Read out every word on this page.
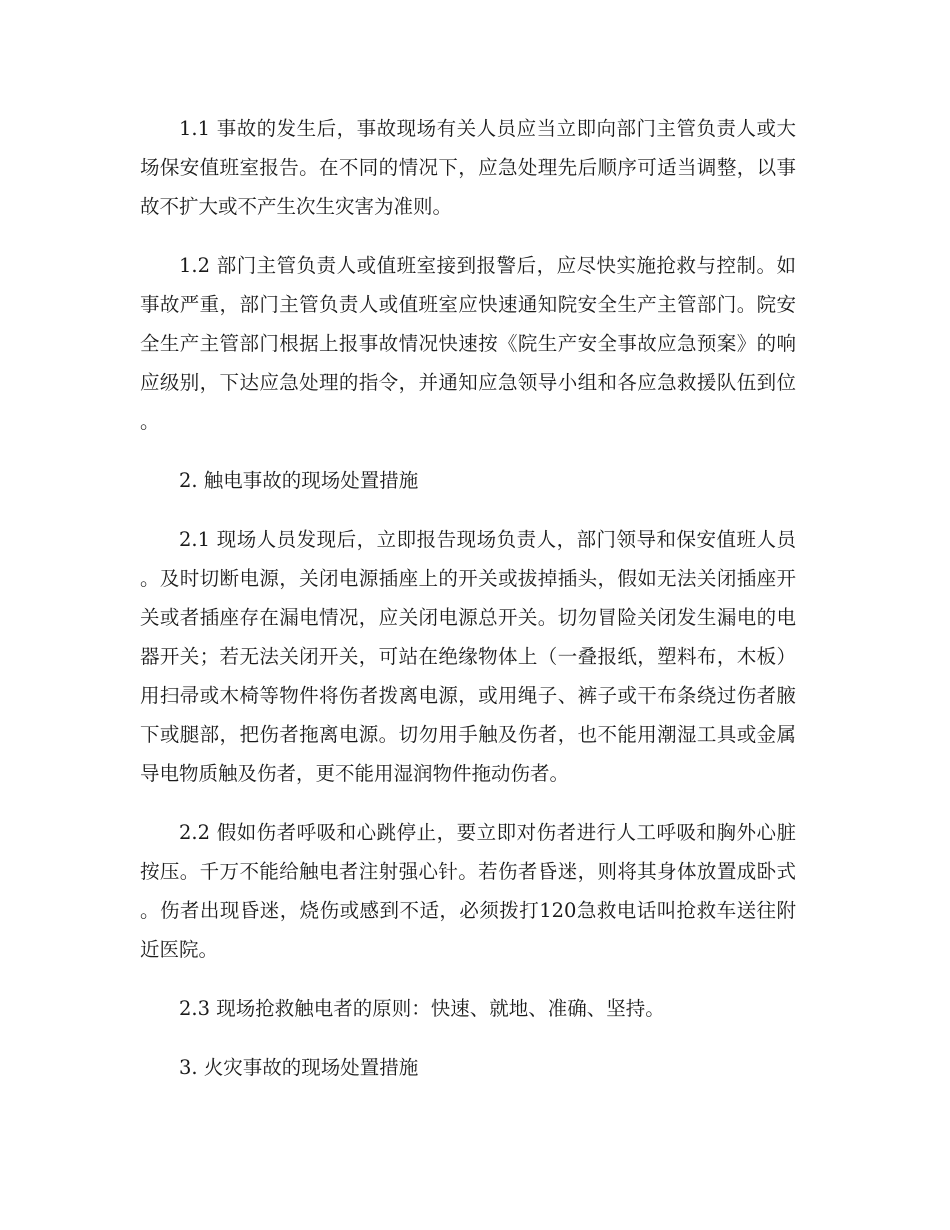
1.1 事故的发生后，事故现场有关人员应当立即向部门主管负责人或大场保安值班室报告。在不同的情况下，应急处理先后顺序可适当调整，以事故不扩大或不产生次生灾害为准则。

1.2 部门主管负责人或值班室接到报警后，应尽快实施抢救与控制。如事故严重，部门主管负责人或值班室应快速通知院安全生产主管部门。院安全生产主管部门根据上报事故情况快速按《院生产安全事故应急预案》的响应级别，下达应急处理的指令，并通知应急领导小组和各应急救援队伍到位。

2. 触电事故的现场处置措施

2.1 现场人员发现后，立即报告现场负责人，部门领导和保安值班人员。及时切断电源，关闭电源插座上的开关或拔掉插头，假如无法关闭插座开关或者插座存在漏电情况，应关闭电源总开关。切勿冒险关闭发生漏电的电器开关；若无法关闭开关，可站在绝缘物体上（一叠报纸，塑料布，木板）用扫帚或木椅等物件将伤者拨离电源，或用绳子、裤子或干布条绕过伤者腋下或腿部，把伤者拖离电源。切勿用手触及伤者，也不能用潮湿工具或金属导电物质触及伤者，更不能用湿润物件拖动伤者。

2.2 假如伤者呼吸和心跳停止，要立即对伤者进行人工呼吸和胸外心脏按压。千万不能给触电者注射强心针。若伤者昏迷，则将其身体放置成卧式。伤者出现昏迷，烧伤或感到不适，必须拨打120急救电话叫抢救车送往附近医院。

2.3 现场抢救触电者的原则：快速、就地、准确、坚持。

3. 火灾事故的现场处置措施
